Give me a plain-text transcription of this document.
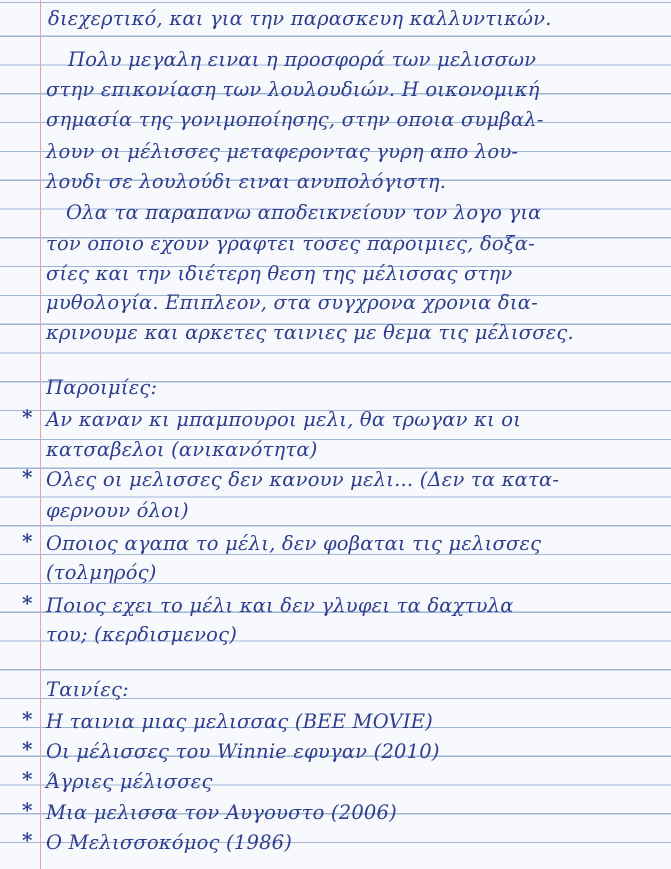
διεχερτικό, και για την παρασκευη καλλυντικών.
Πολυ μεγαλη ειναι η προσφορά των μελισσων
στην επικονίαση των λουλουδιών. Η οικονομική
σημασία της γονιμοποίησης, στην οποια συμβαλ-
λουν οι μέλισσες μεταφεροντας γυρη απο λου-
λουδι σε λουλούδι ειναι ανυπολόγιστη.
Ολα τα παραπανω αποδεικνείουν τον λογο για
τον οποιο εχουν γραφτει τοσες παροιμιες, δοξα-
σίες και την ιδιέτερη θεση της μέλισσας στην
μυθολογία. Επιπλεον, στα συγχρονα χρονια δια-
κρινουμε και αρκετες ταινιες με θεμα τις μέλισσες.
Παροιμίες:
* Αν καναν κι μπαμπουροι μελι, θα τρωγαν κι οι
κατσαβελοι (ανικανότητα)
* Ολες οι μελισσες δεν κανουν μελι... (Δεν τα κατα-
φερνουν όλοι)
* Οποιος αγαπα το μέλι, δεν φοβαται τις μελισσες
(τολμηρός)
* Ποιος εχει το μέλι και δεν γλυφει τα δαχτυλα
του; (κερδισμενος)
Ταινίες:
* Η ταινια μιας μελισσας (BEE MOVIE)
* Οι μέλισσες του Winnie εφυγαν (2010)
* Άγριες μέλισσες
* Μια μελισσα τον Αυγουστο (2006)
* Ο Μελισσοκόμος (1986)
